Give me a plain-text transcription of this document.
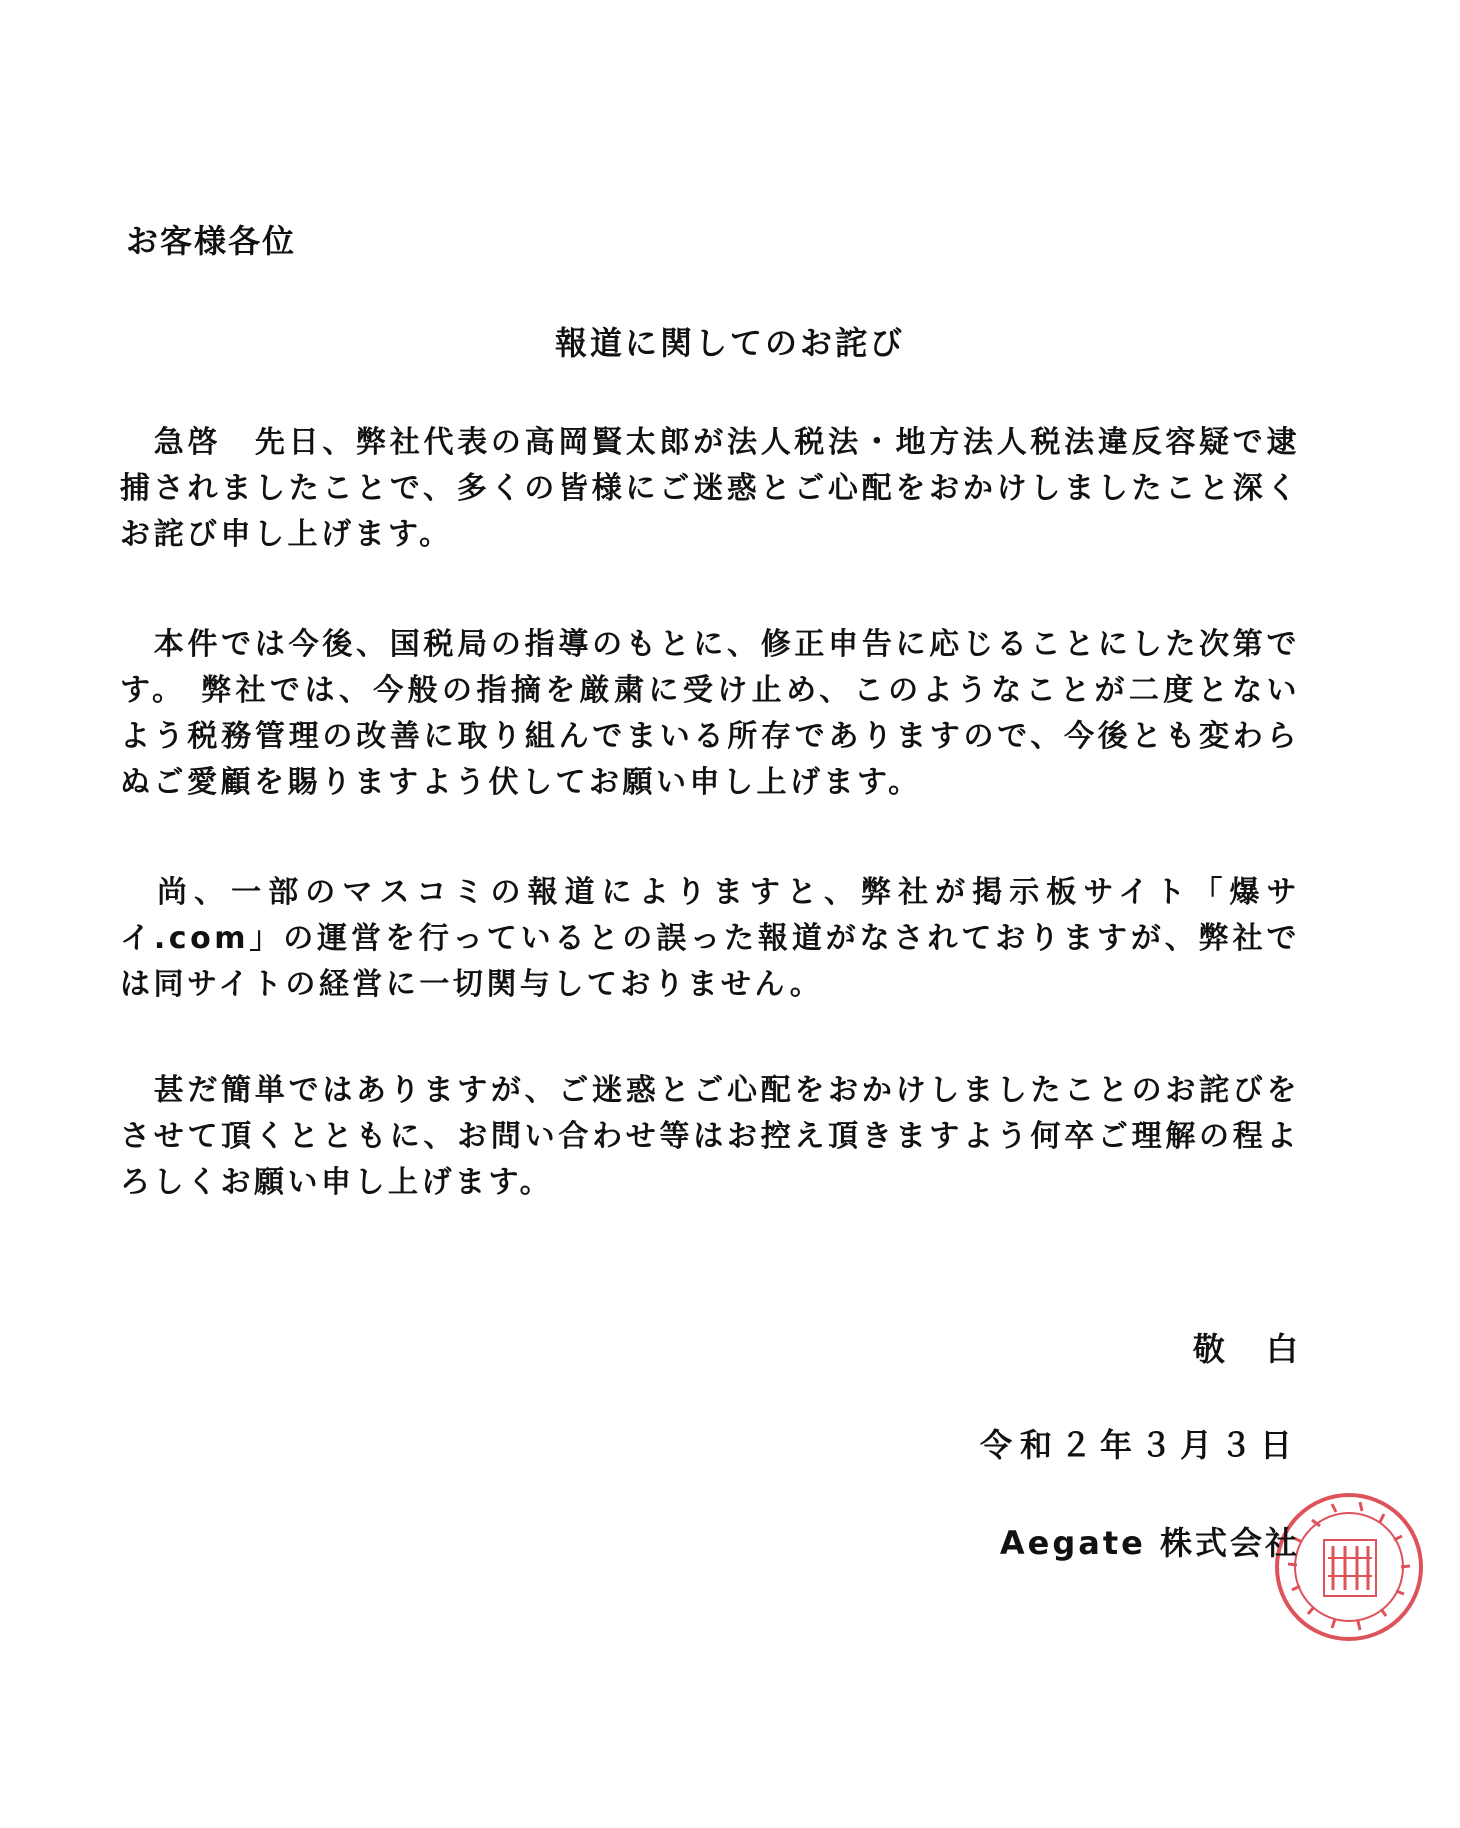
お客様各位

報道に関してのお詫び

　急啓　先日、弊社代表の高岡賢太郎が法人税法・地方法人税法違反容疑で逮捕されましたことで、多くの皆様にご迷惑とご心配をおかけしましたこと深くお詫び申し上げます。

　本件では今後、国税局の指導のもとに、修正申告に応じることにした次第です。 弊社では、今般の指摘を厳粛に受け止め、このようなことが二度とないよう税務管理の改善に取り組んでまいる所存でありますので、今後とも変わらぬご愛顧を賜りますよう伏してお願い申し上げます。

　尚、一部のマスコミの報道によりますと、弊社が掲示板サイト「爆サイ.com」の運営を行っているとの誤った報道がなされておりますが、弊社では同サイトの経営に一切関与しておりません。

　甚だ簡単ではありますが、ご迷惑とご心配をおかけしましたことのお詫びをさせて頂くとともに、お問い合わせ等はお控え頂きますよう何卒ご理解の程よろしくお願い申し上げます。

敬 白

令和２年３月３日

Aegate 株式会社
